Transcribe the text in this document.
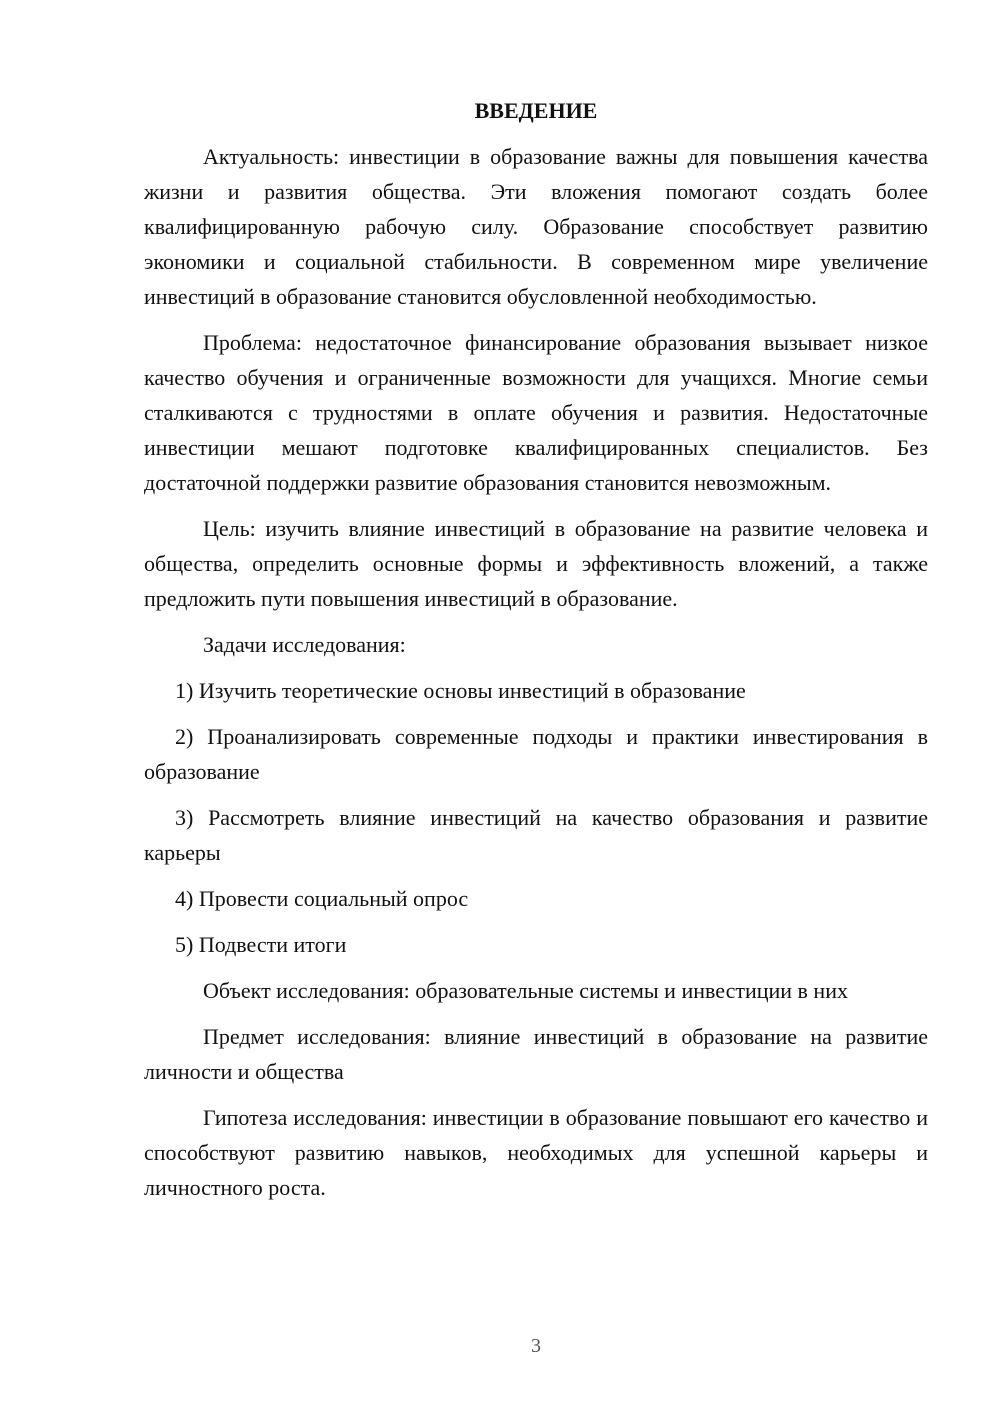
ВВЕДЕНИЕ

Актуальность: инвестиции в образование важны для повышения качества жизни и развития общества. Эти вложения помогают создать более квалифицированную рабочую силу. Образование способствует развитию экономики и социальной стабильности. В современном мире увеличение инвестиций в образование становится обусловленной необходимостью.

Проблема: недостаточное финансирование образования вызывает низкое качество обучения и ограниченные возможности для учащихся. Многие семьи сталкиваются с трудностями в оплате обучения и развития. Недостаточные инвестиции мешают подготовке квалифицированных специалистов. Без достаточной поддержки развитие образования становится невозможным.

Цель: изучить влияние инвестиций в образование на развитие человека и общества, определить основные формы и эффективность вложений, а также предложить пути повышения инвестиций в образование.

Задачи исследования:

1) Изучить теоретические основы инвестиций в образование

2) Проанализировать современные подходы и практики инвестирования в образование

3) Рассмотреть влияние инвестиций на качество образования и развитие карьеры

4) Провести социальный опрос

5) Подвести итоги

Объект исследования: образовательные системы и инвестиции в них

Предмет исследования: влияние инвестиций в образование на развитие личности и общества

Гипотеза исследования: инвестиции в образование повышают его качество и способствуют развитию навыков, необходимых для успешной карьеры и личностного роста.

3
